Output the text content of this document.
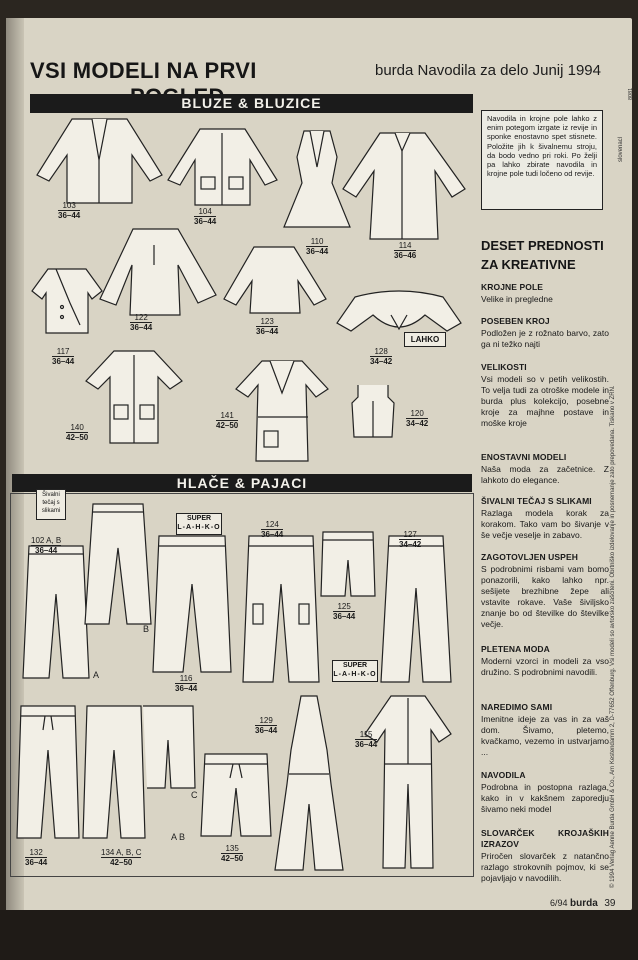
VSI MODELI NA PRVI	burda Navodila za delo Junij 1994
BLUZE & BLUZICE
103
36–44	104
36–44
110
36–44
114
36–46
117
36–44
122
36–44
123
36–44
128
34–42
140
42–50
141
42–50
120
34–42
LAHKO
HLAČE & PAJACI
102 A, B
36–44
116
36–44
124
36–44
125
36–44
127
34–42
132
36–44
134 A, B, C
42–50
135
42–50
129
36–44	115
36–44
A
B
C
A B
Šivalni tečaj s slikami
SUPER
L-A-H-K-O
SUPER
L-A-H-K-O
Navodila in krojne pole lahko z enim potegom izrgate iz revije in sponke enostavno spet stisnete. Položite jih k šivalnemu stroju, da bodo vedno pri roki. Po želji pa lahko zbirate navodila in krojne pole tudi ločeno od revije.
DESET PREDNOSTI
ZA KREATIVNE
KROJNE POLE
Velike in pregledne
POSEBEN KROJ
Podložen je z rožnato barvo, zato ga ni težko najti
VELIKOSTI
Vsi modeli so v petih velikostih. To velja tudi za otroške modele in burda plus kolekcijo, posebne kroje za majhne postave in moške kroje
ENOSTAVNI MODELI
Naša moda za začetnice. Z lahkoto do elegance.
ŠIVALNI TEČAJ S SLIKAMI
Razlaga modela korak za korakom. Tako vam bo šivanje v še večje veselje in zabavo.
ZAGOTOVLJEN USPEH
S podrobnimi risbami vam bomo ponazorili, kako lahko npr. sešijete brezhibne žepe ali vstavite rokave. Vaše šiviljsko znanje bo od številke do številke večje.
PLETENA MODA
Moderni vzorci in modeli za vso družino. S podrobnimi navodili.
NAREDIMO SAMI
Imenitne ideje za vas in za vaš dom. Šivamo, pletemo, kvačkamo, vezemo in ustvarjamo ...
NAVODILA
Podrobna in postopna razlaga, kako in v kakšnem zaporedju šivamo neki model
SLOVARČEK KROJAŠKIH IZRAZOV
Priročen slovarček z natančno razlago strokovnih pojmov, ki se pojavljajo v navodilih.	© 1994 Verlag Aenne Burda GmbH & Co., Am Kestendamm 2, D-77652 Offenburg. Vsi modeli so avtorsko zaščiteni. Obrtniško izdelovanje in posnemanje zato prepovedana. Tiskano v ZRN.
slovenacl
8081
6/94 burda 39
